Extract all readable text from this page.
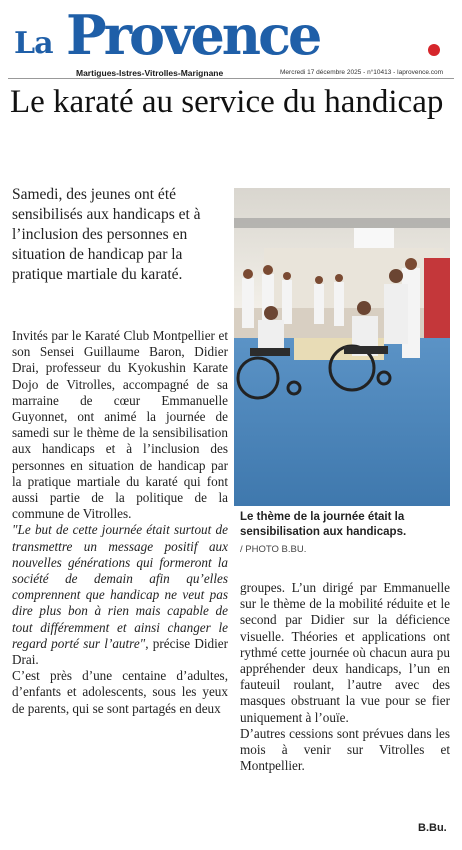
La Provence
Martigues-Istres-Vitrolles-Marignane	Mercredi 17 décembre 2025 - n°10413 - laprovence.com
Le karaté au service du handicap
Samedi, des jeunes ont été sensibilisés aux handicaps et à l’inclusion des personnes en situation de handicap par la pratique martiale du karaté.

Invités par le Karaté Club Montpellier et son Sensei Guillaume Baron, Didier Drai, professeur du Kyokushin Karate Dojo de Vitrolles, accompagné de sa marraine de cœur Emmanuelle Guyonnet, ont animé la journée de samedi sur le thème de la sensibilisation aux handicaps et à l’inclusion des personnes en situation de handicap par la pratique martiale du karaté qui font aussi partie de la politique de la commune de Vitrolles.

"Le but de cette journée était surtout de transmettre un message positif aux nouvelles générations qui formeront la société de demain afin qu’elles comprennent que handicap ne veut pas dire plus bon à rien mais capable de tout différemment et ainsi changer le regard porté sur l’autre", précise Didier Drai.

C’est près d’une centaine d’adultes, d’enfants et adolescents, sous les yeux de parents, qui se sont partagés en deux

Le thème de la journée était la sensibilisation aux handicaps.
/ PHOTO B.BU.

groupes. L’un dirigé par Emmanuelle sur le thème de la mobilité réduite et le second par Didier sur la déficience visuelle. Théories et applications ont rythmé cette journée où chacun aura pu appréhender deux handicaps, l’un en fauteuil roulant, l’autre avec des masques obstruant la vue pour se fier uniquement à l’ouïe.

D’autres cessions sont prévues dans les mois à venir sur Vitrolles et Montpellier.

B.Bu.
